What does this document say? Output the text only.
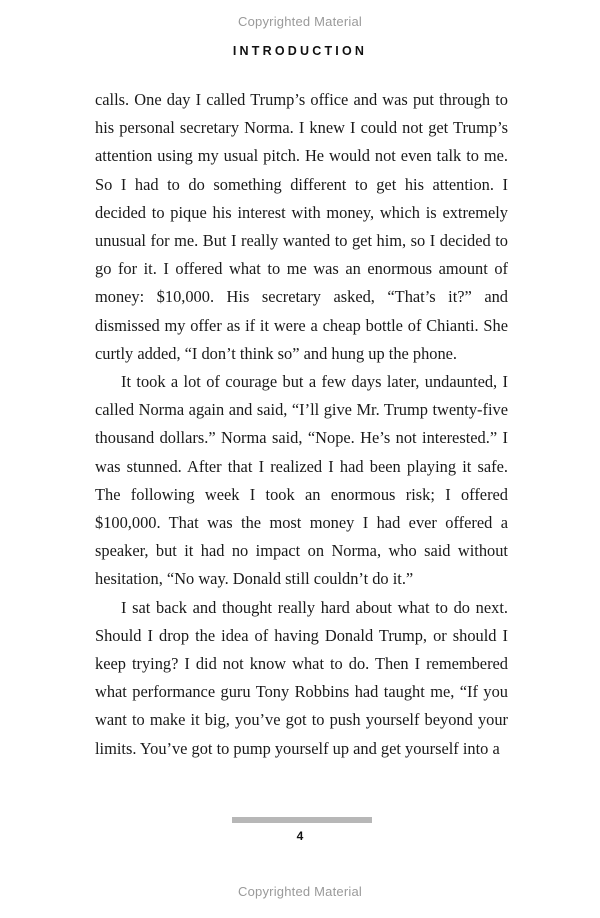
Copyrighted Material
INTRODUCTION

calls. One day I called Trump’s office and was put through to his personal secretary Norma. I knew I could not get Trump’s attention using my usual pitch. He would not even talk to me. So I had to do something different to get his attention. I decided to pique his interest with money, which is extremely unusual for me. But I really wanted to get him, so I decided to go for it. I offered what to me was an enormous amount of money: $10,000. His secretary asked, “That’s it?” and dismissed my offer as if it were a cheap bottle of Chianti. She curtly added, “I don’t think so” and hung up the phone.

It took a lot of courage but a few days later, undaunted, I called Norma again and said, “I’ll give Mr. Trump twenty-five thousand dollars.” Norma said, “Nope. He’s not interested.” I was stunned. After that I realized I had been playing it safe. The following week I took an enormous risk; I offered $100,000. That was the most money I had ever offered a speaker, but it had no impact on Norma, who said without hesitation, “No way. Donald still couldn’t do it.”

I sat back and thought really hard about what to do next. Should I drop the idea of having Donald Trump, or should I keep trying? I did not know what to do. Then I remembered what performance guru Tony Robbins had taught me, “If you want to make it big, you’ve got to push yourself beyond your limits. You’ve got to pump yourself up and get yourself into a

4
Copyrighted Material
